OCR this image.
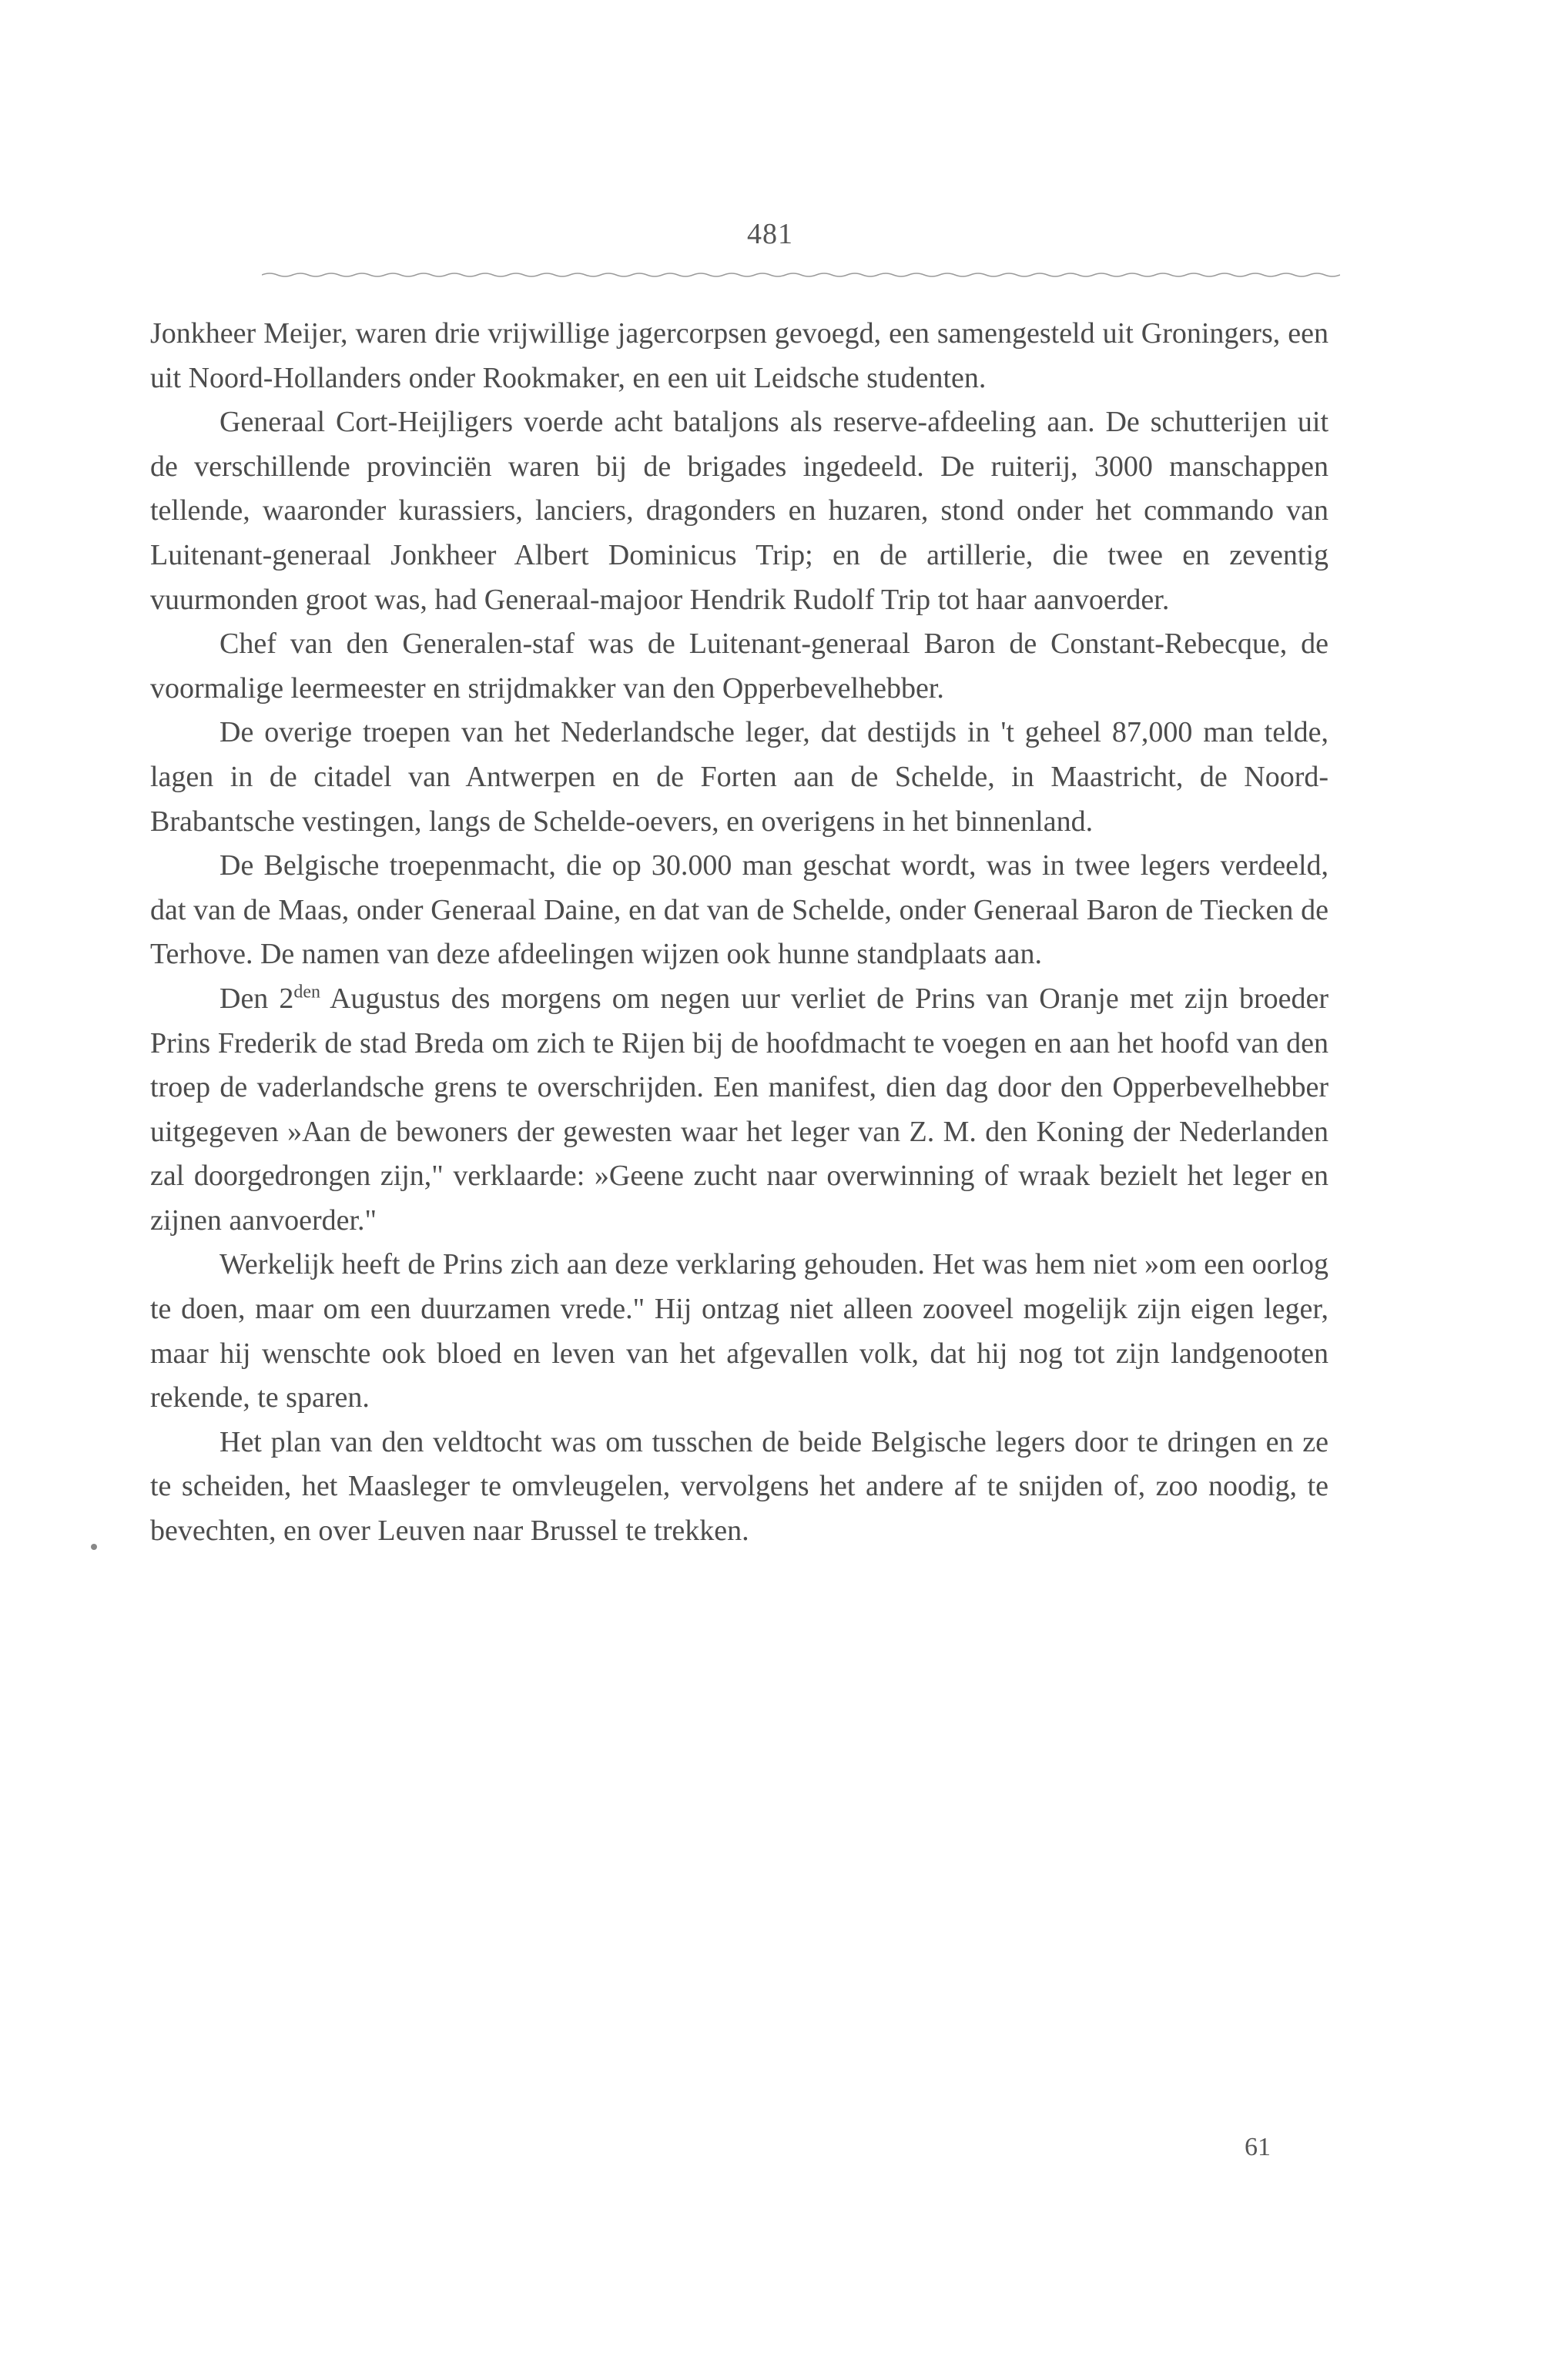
481

Jonkheer Meijer, waren drie vrijwillige jagercorpsen gevoegd, een samengesteld uit Groningers, een uit Noord-Hollanders onder Rookmaker, en een uit Leidsche studenten.

Generaal Cort-Heijligers voerde acht bataljons als reserve-afdeeling aan. De schutterijen uit de verschillende provinciën waren bij de brigades ingedeeld. De ruiterij, 3000 manschappen tellende, waaronder kurassiers, lanciers, dragonders en huzaren, stond onder het commando van Luitenant-generaal Jonkheer Albert Dominicus Trip; en de artillerie, die twee en zeventig vuurmonden groot was, had Generaal-majoor Hendrik Rudolf Trip tot haar aanvoerder.

Chef van den Generalen-staf was de Luitenant-generaal Baron de Constant-Rebecque, de voormalige leermeester en strijdmakker van den Opperbevelhebber.

De overige troepen van het Nederlandsche leger, dat destijds in 't geheel 87,000 man telde, lagen in de citadel van Antwerpen en de Forten aan de Schelde, in Maastricht, de Noord-Brabantsche vestingen, langs de Schelde-oevers, en overigens in het binnenland.

De Belgische troepenmacht, die op 30.000 man geschat wordt, was in twee legers verdeeld, dat van de Maas, onder Generaal Daine, en dat van de Schelde, onder Generaal Baron de Tiecken de Terhove. De namen van deze afdeelingen wijzen ook hunne standplaats aan.

Den $2^{den}$ Augustus des morgens om negen uur verliet de Prins van Oranje met zijn broeder Prins Frederik de stad Breda om zich te Rijen bij de hoofdmacht te voegen en aan het hoofd van den troep de vaderlandsche grens te overschrijden. Een manifest, dien dag door den Opperbevelhebber uitgegeven »Aan de bewoners der gewesten waar het leger van Z. M. den Koning der Nederlanden zal doorgedrongen zijn," verklaarde: »Geene zucht naar overwinning of wraak bezielt het leger en zijnen aanvoerder."

Werkelijk heeft de Prins zich aan deze verklaring gehouden. Het was hem niet »om een oorlog te doen, maar om een duurzamen vrede." Hij ontzag niet alleen zooveel mogelijk zijn eigen leger, maar hij wenschte ook bloed en leven van het afgevallen volk, dat hij nog tot zijn landgenooten rekende, te sparen.

Het plan van den veldtocht was om tusschen de beide Belgische legers door te dringen en ze te scheiden, het Maasleger te omvleugelen, vervolgens het andere af te snijden of, zoo noodig, te bevechten, en over Leuven naar Brussel te trekken.

61
